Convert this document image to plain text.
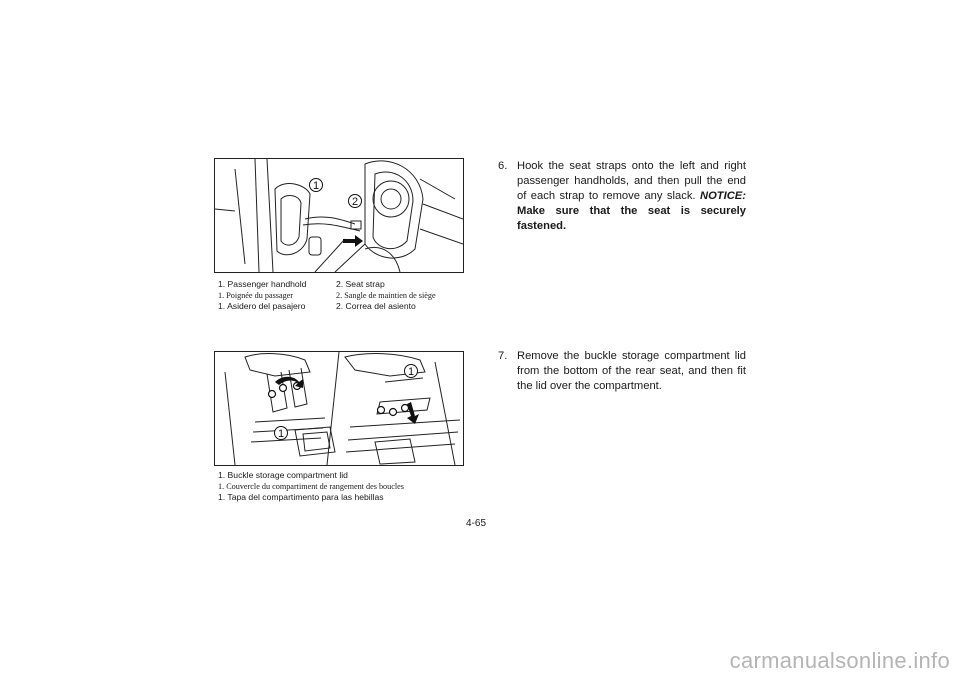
1
2
1. Passenger handhold	2. Seat strap
1. Poignée du passager	2. Sangle de maintien de siège
1. Asidero del pasajero	2. Correa del asiento
1
1
1. Buckle storage compartment lid
1. Couvercle du compartiment de rangement des boucles
1. Tapa del compartimento para las hebillas
6. Hook the seat straps onto the left and right passenger handholds, and then pull the end of each strap to remove any slack. NOTICE: Make sure that the seat is securely fastened.
7. Remove the buckle storage compartment lid from the bottom of the rear seat, and then fit the lid over the compartment.
4-65
carmanualsonline.info
